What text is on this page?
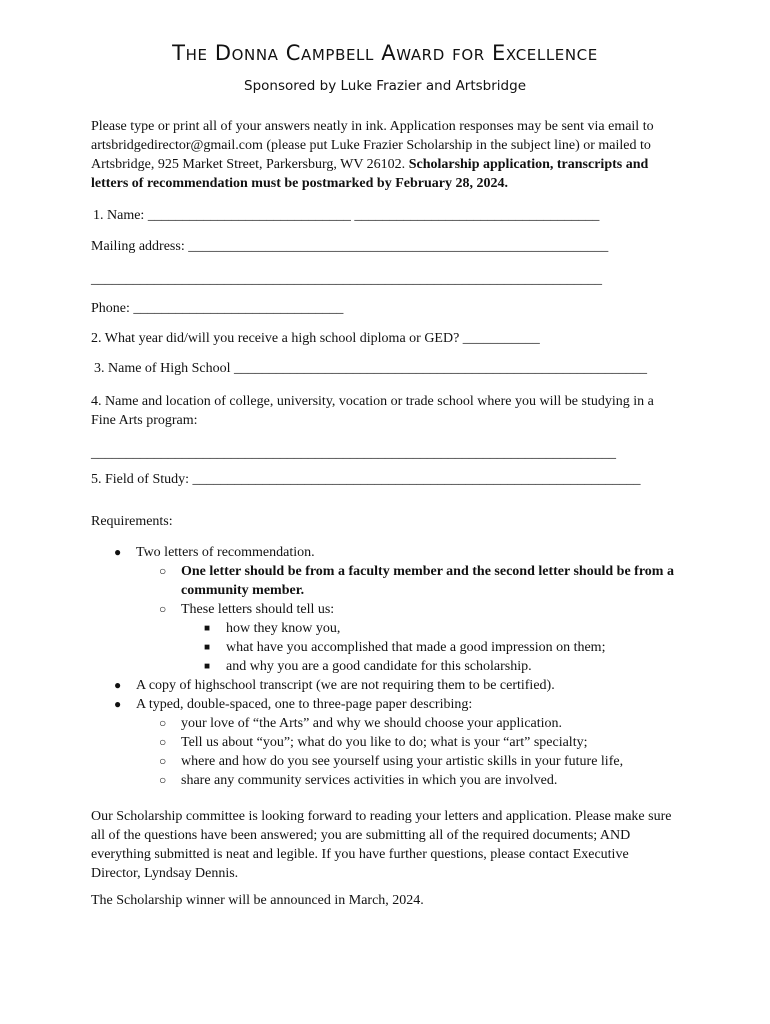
The Donna Campbell Award for Excellence
Sponsored by Luke Frazier and Artsbridge
Please type or print all of your answers neatly in ink. Application responses may be sent via email to artsbridgedirector@gmail.com (please put Luke Frazier Scholarship in the subject line) or mailed to Artsbridge, 925 Market Street, Parkersburg, WV 26102. Scholarship application, transcripts and letters of recommendation must be postmarked by February 28, 2024.
1. Name: _____________________________ ___________________________________
Mailing address: ____________________________________________________________
_________________________________________________________________________
Phone: ______________________________
2. What year did/will you receive a high school diploma or GED? ___________
3. Name of High School ___________________________________________________________
4. Name and location of college, university, vocation or trade school where you will be studying in a Fine Arts program:
___________________________________________________________________________
5. Field of Study: ________________________________________________________________
Requirements:
● Two letters of recommendation.
○ One letter should be from a faculty member and the second letter should be from a community member.
○ These letters should tell us:
■ how they know you,
■ what have you accomplished that made a good impression on them;
■ and why you are a good candidate for this scholarship.
● A copy of highschool transcript (we are not requiring them to be certified).
● A typed, double-spaced, one to three-page paper describing:
○ your love of “the Arts” and why we should choose your application.
○ Tell us about “you”; what do you like to do; what is your “art” specialty;
○ where and how do you see yourself using your artistic skills in your future life,
○ share any community services activities in which you are involved.
Our Scholarship committee is looking forward to reading your letters and application. Please make sure all of the questions have been answered; you are submitting all of the required documents; AND everything submitted is neat and legible. If you have further questions, please contact Executive Director, Lyndsay Dennis.
The Scholarship winner will be announced in March, 2024.
